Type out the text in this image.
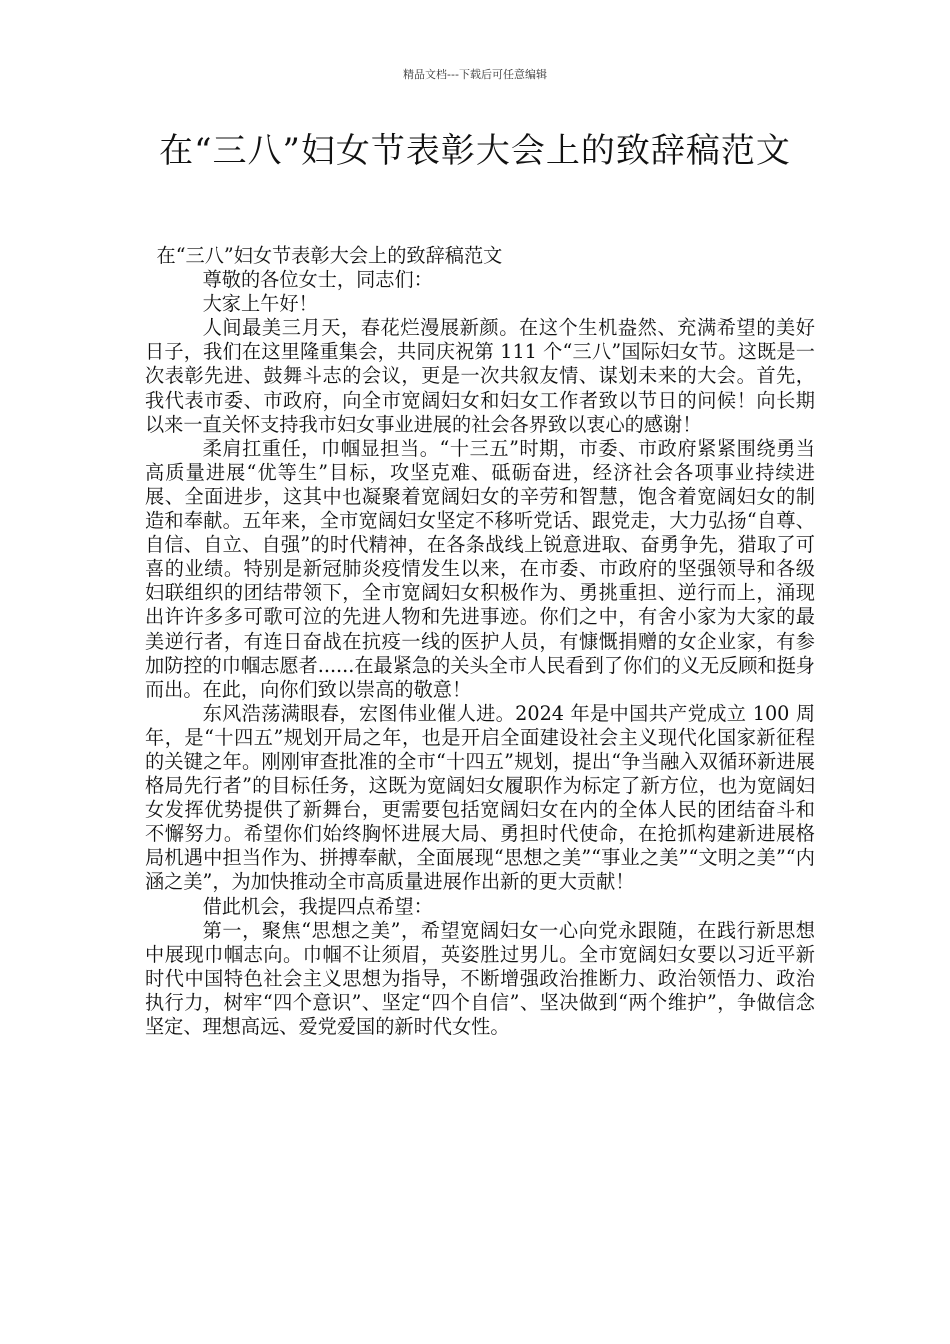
精品文档---下载后可任意编辑
在“三八”妇女节表彰大会上的致辞稿范文

在“三八”妇女节表彰大会上的致辞稿范文

尊敬的各位女士，同志们：

大家上午好！

人间最美三月天，春花烂漫展新颜。在这个生机盎然、充满希望的美好日子，我们在这里隆重集会，共同庆祝第 111 个“三八”国际妇女节。这既是一次表彰先进、鼓舞斗志的会议，更是一次共叙友情、谋划未来的大会。首先，我代表市委、市政府，向全市宽阔妇女和妇女工作者致以节日的问候！向长期以来一直关怀支持我市妇女事业进展的社会各界致以衷心的感谢！

柔肩扛重任，巾帼显担当。“十三五”时期，市委、市政府紧紧围绕勇当高质量进展“优等生”目标，攻坚克难、砥砺奋进，经济社会各项事业持续进展、全面进步，这其中也凝聚着宽阔妇女的辛劳和智慧，饱含着宽阔妇女的制造和奉献。五年来，全市宽阔妇女坚定不移听党话、跟党走，大力弘扬“自尊、自信、自立、自强”的时代精神，在各条战线上锐意进取、奋勇争先，猎取了可喜的业绩。特别是新冠肺炎疫情发生以来，在市委、市政府的坚强领导和各级妇联组织的团结带领下，全市宽阔妇女积极作为、勇挑重担、逆行而上，涌现出许许多多可歌可泣的先进人物和先进事迹。你们之中，有舍小家为大家的最美逆行者，有连日奋战在抗疫一线的医护人员，有慷慨捐赠的女企业家，有参加防控的巾帼志愿者......在最紧急的关头全市人民看到了你们的义无反顾和挺身而出。在此，向你们致以崇高的敬意！

东风浩荡满眼春，宏图伟业催人进。2024 年是中国共产党成立 100 周年，是“十四五”规划开局之年，也是开启全面建设社会主义现代化国家新征程的关键之年。刚刚审查批准的全市“十四五”规划，提出“争当融入双循环新进展格局先行者”的目标任务，这既为宽阔妇女履职作为标定了新方位，也为宽阔妇女发挥优势提供了新舞台，更需要包括宽阔妇女在内的全体人民的团结奋斗和不懈努力。希望你们始终胸怀进展大局、勇担时代使命，在抢抓构建新进展格局机遇中担当作为、拼搏奉献，全面展现“思想之美”“事业之美”“文明之美”“内涵之美”，为加快推动全市高质量进展作出新的更大贡献！

借此机会，我提四点希望：

第一，聚焦“思想之美”，希望宽阔妇女一心向党永跟随，在践行新思想中展现巾帼志向。巾帼不让须眉，英姿胜过男儿。全市宽阔妇女要以习近平新时代中国特色社会主义思想为指导，不断增强政治推断力、政治领悟力、政治执行力，树牢“四个意识”、坚定“四个自信”、坚决做到“两个维护”，争做信念坚定、理想高远、爱党爱国的新时代女性。
